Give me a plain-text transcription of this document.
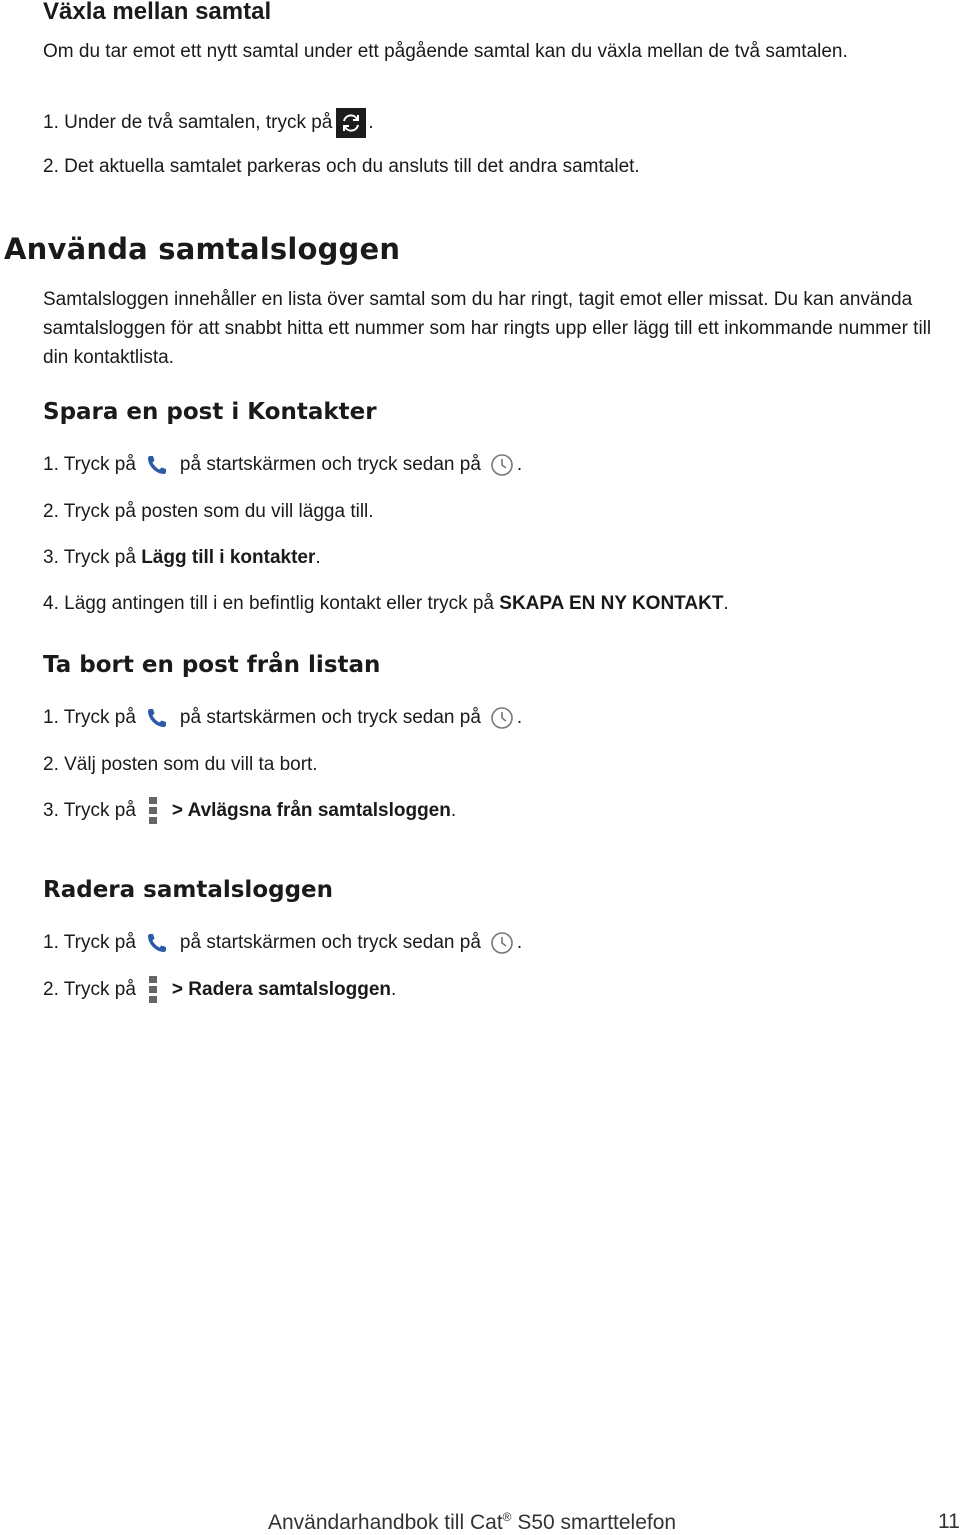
Växla mellan samtal

Om du tar emot ett nytt samtal under ett pågående samtal kan du växla mellan de två samtalen.

1. Under de två samtalen, tryck på .
2. Det aktuella samtalet parkeras och du ansluts till det andra samtalet.
Använda samtalsloggen

Samtalsloggen innehåller en lista över samtal som du har ringt, tagit emot eller missat. Du kan använda samtalsloggen för att snabbt hitta ett nummer som har ringts upp eller lägg till ett inkommande nummer till din kontaktlista.

Spara en post i Kontakter
1. Tryck på på startskärmen och tryck sedan på .
2. Tryck på posten som du vill lägga till.
3. Tryck på
Lägg till i kontakter .
4. Lägg antingen till i en befintlig kontakt eller tryck på
SKAPA EN NY KONTAKT .
Ta bort en post från listan
1. Tryck på på startskärmen och tryck sedan på .
2. Välj posten som du vill ta bort.
3. Tryck på > Avlägsna från samtalsloggen .
Radera samtalsloggen
1. Tryck på på startskärmen och tryck sedan på .
2. Tryck på > Radera samtalsloggen .
Användarhandbok till Cat® S50 smarttelefon	11
